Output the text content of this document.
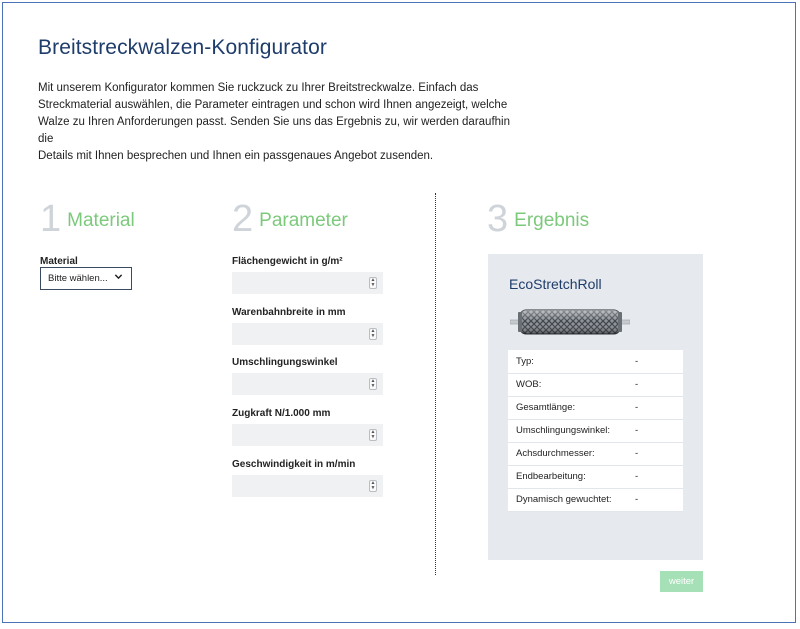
Breitstreckwalzen-Konfigurator
Mit unserem Konfigurator kommen Sie ruckzuck zu Ihrer Breitstreckwalze. Einfach das
Streckmaterial auswählen, die Parameter eintragen und schon wird Ihnen angezeigt, welche
Walze zu Ihren Anforderungen passt. Senden Sie uns das Ergebnis zu, wir werden daraufhin die
Details mit Ihnen besprechen und Ihnen ein passgenaues Angebot zusenden.
1 Material	2 Parameter	3 Ergebnis
Material
Bitte wählen...
Flächengewicht in g/m²
▲
▼
Warenbahnbreite in mm
▲
▼
Umschlingungswinkel
▲
▼
Zugkraft N/1.000 mm
▲
▼
Geschwindigkeit in m/min
▲
▼
EcoStretchRoll
Typ:	-
WOB:	-
Gesamtlänge:	-
Umschlingungswinkel:	-
Achsdurchmesser:	-
Endbearbeitung:	-
Dynamisch gewuchtet:	-
weiter
